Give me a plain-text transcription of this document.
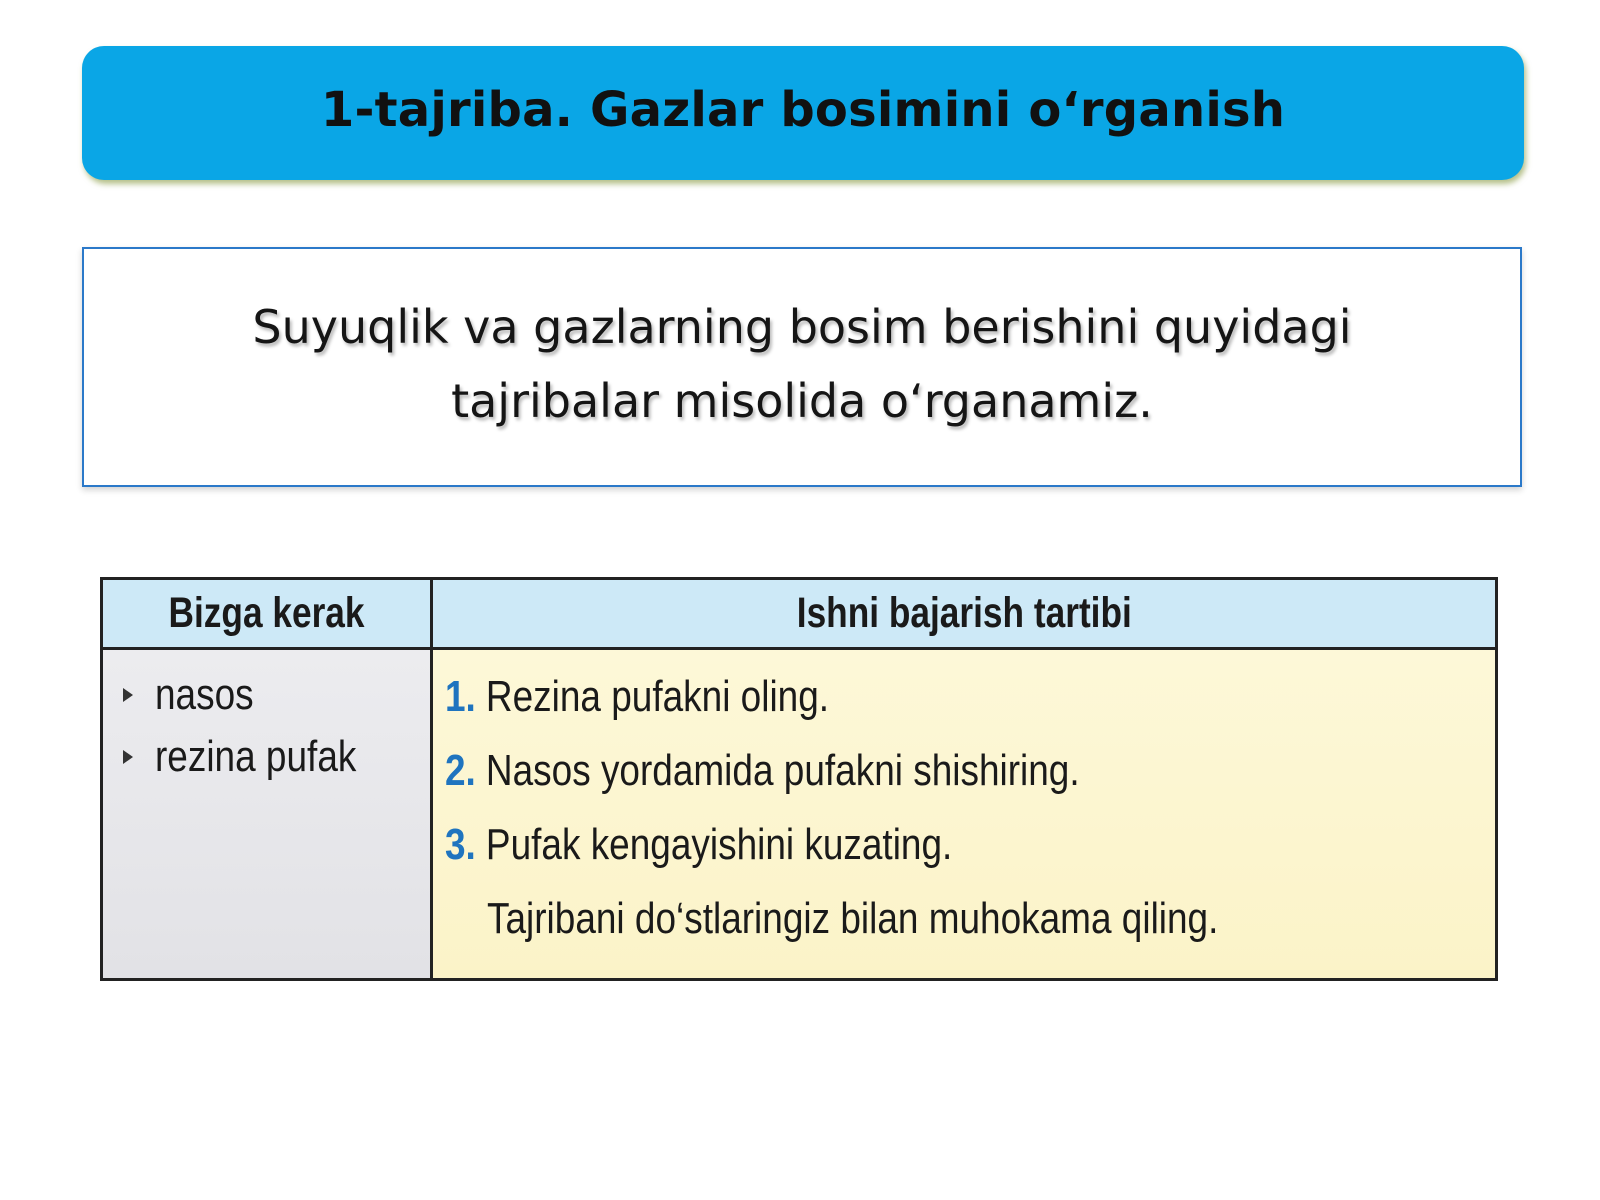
1-tajriba. Gazlar bosimini o‘rganish
Suyuqlik va gazlarning bosim berishini quyidagi
tajribalar misolida o‘rganamiz.
Bizga kerak	Ishni bajarish tartibi
nasos
rezina pufak
1. Rezina pufakni oling.
2. Nasos yordamida pufakni shishiring.
3. Pufak kengayishini kuzating.
Tajribani do‘stlaringiz bilan muhokama qiling.
